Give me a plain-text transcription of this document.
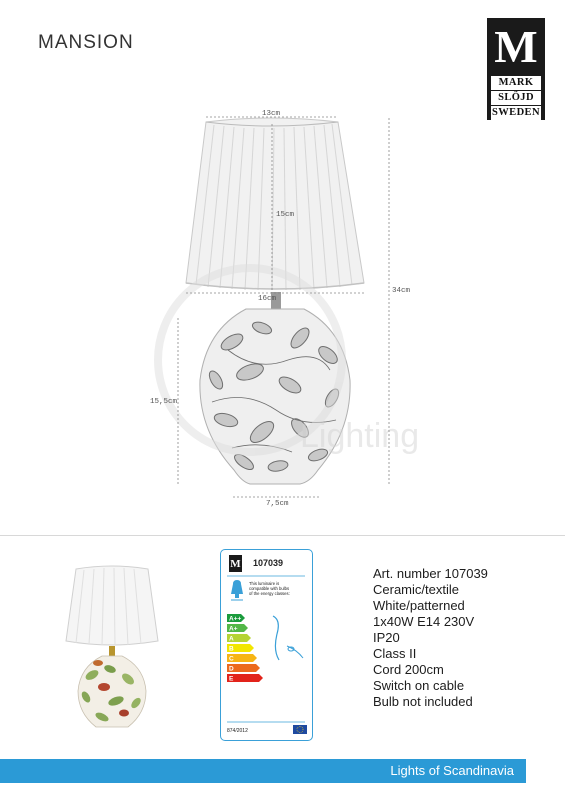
MANSION	M
MARK
SLÖJD
SWEDEN
Lighting
13cm
15cm
16cm
34cm
15,5cm
7,5cm
M 107039
This luminaire is
compatible with bulbs
of the energy classes:
A++
A+
A
B
C
D
E
874/2012
Art. number 107039
Ceramic/textile
White/patterned
1x40W E14 230V
IP20
Class II
Cord 200cm
Switch on cable
Bulb not included
Lights of Scandinavia
